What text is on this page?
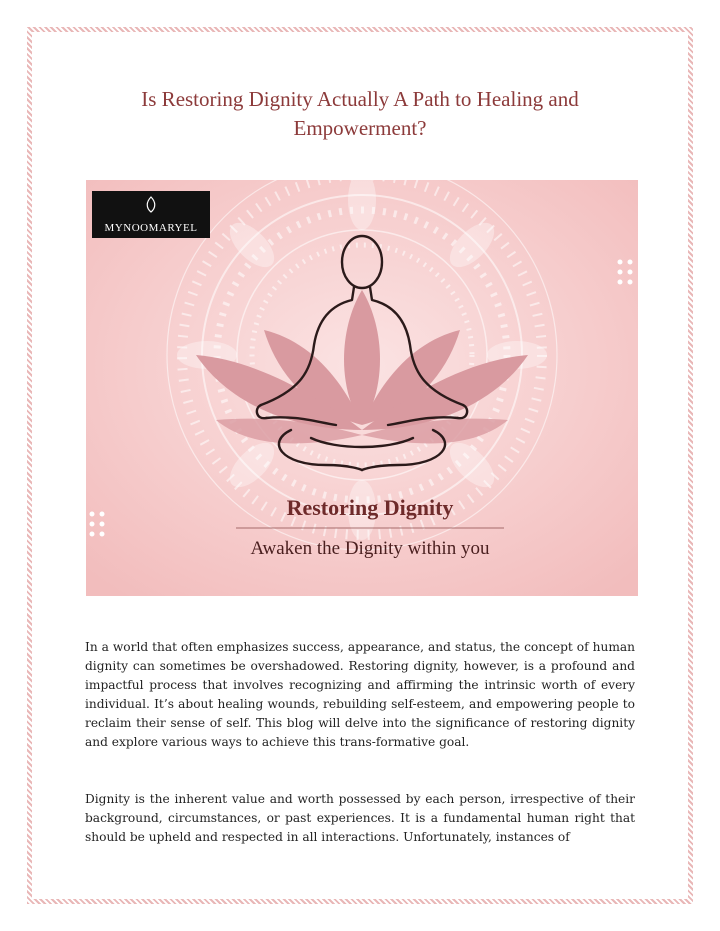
Is Restoring Dignity Actually A Path to Healing and Empowerment?
MYNOOMARYEL
Restoring Dignity
Awaken the Dignity within you

In a world that often emphasizes success, appearance, and status, the concept of human dignity can sometimes be overshadowed. Restoring dignity, however, is a profound and impactful process that involves recognizing and affirming the intrinsic worth of every individual. It’s about healing wounds, rebuilding self-esteem, and empowering people to reclaim their sense of self. This blog will delve into the significance of restoring dignity and explore various ways to achieve this trans-formative goal.

Dignity is the inherent value and worth possessed by each person, irrespective of their background, circumstances, or past experiences. It is a fundamental human right that should be upheld and respected in all interactions. Unfortunately, instances of
